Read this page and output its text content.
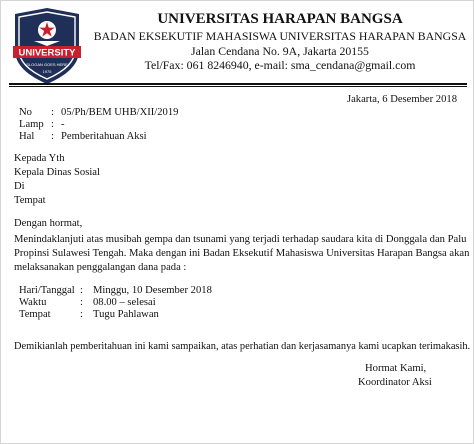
UNIVERSITY
SLOGAN GOES HERE
1975
UNIVERSITAS HARAPAN BANGSA
BADAN EKSEKUTIF MAHASISWA UNIVERSITAS HARAPAN BANGSA
Jalan Cendana No. 9A, Jakarta 20155
Tel/Fax: 061 8246940, e-mail: sma_cendana@gmail.com
Jakarta, 6 Desember 2018
No : 05/Ph/BEM UHB/XII/2019
Lamp : -
Hal : Pemberitahuan Aksi
Kepada Yth
Kepala Dinas Sosial
Di
Tempat
Dengan hormat,
Menindaklanjuti atas musibah gempa dan tsunami yang terjadi terhadap saudara kita di Donggala dan Palu
Propinsi Sulawesi Tengah. Maka dengan ini Badan Eksekutif Mahasiswa Universitas Harapan Bangsa akan
melaksanakan penggalangan dana pada :
Hari/Tanggal : Minggu, 10 Desember 2018
Waktu	: 08.00 – selesai
Tempat	: Tugu Pahlawan
Demikianlah pemberitahuan ini kami sampaikan, atas perhatian dan kerjasamanya kami ucapkan terimakasih.
Hormat Kami,
Koordinator Aksi
